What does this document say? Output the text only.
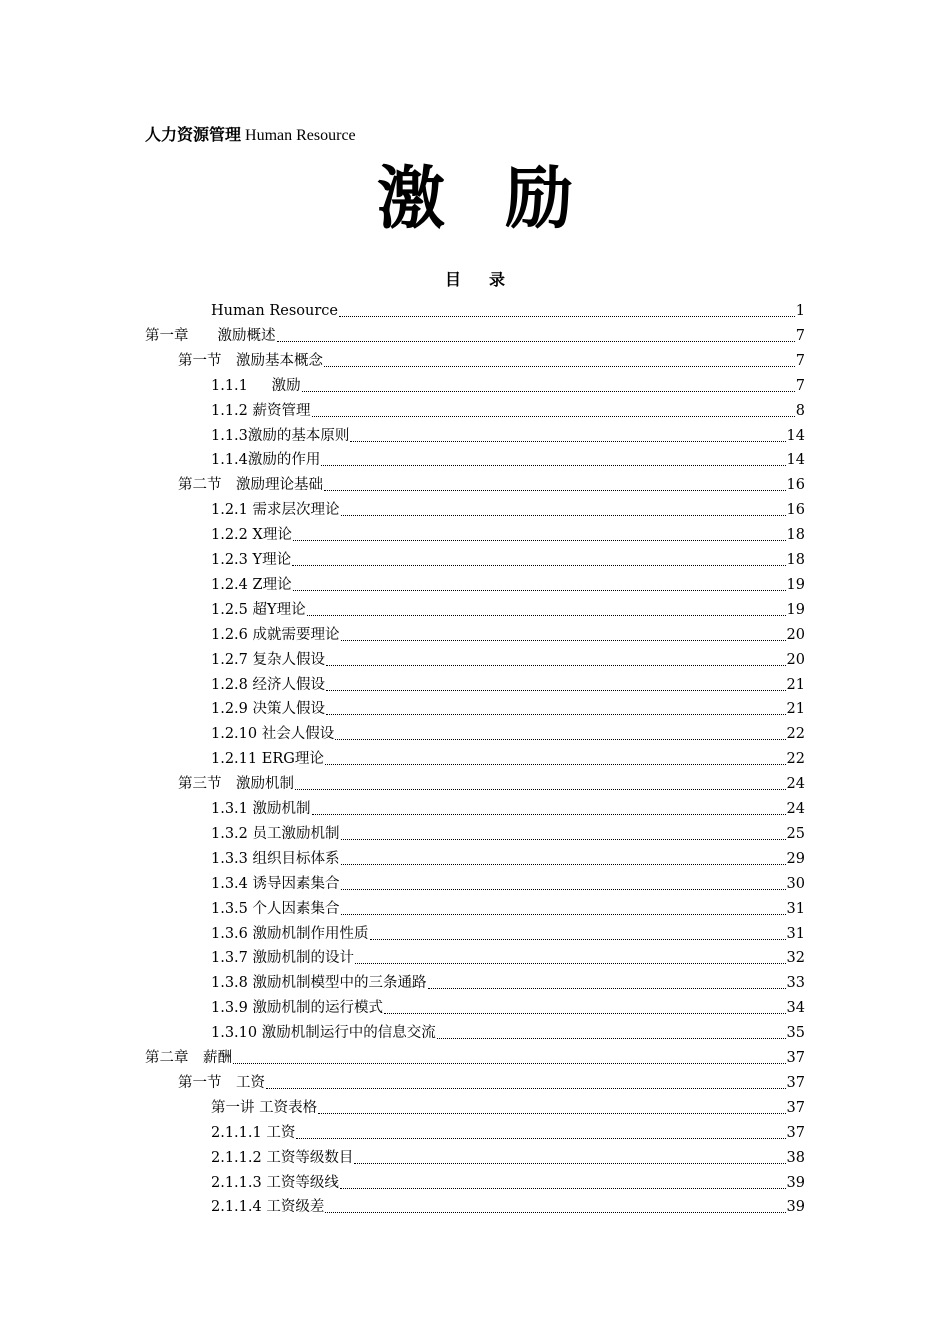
人力资源管理 Human Resource
激励
目录
Human Resource	1
第一章　　激励概述	7
第一节　激励基本概念	7
1.1.1 　 激励	7
1.1.2 薪资管理	8
1.1.3激励的基本原则	14
1.1.4激励的作用	14
第二节　激励理论基础	16
1.2.1 需求层次理论	16
1.2.2 X理论	18
1.2.3 Y理论	18
1.2.4 Z理论	19
1.2.5 超Y理论	19
1.2.6 成就需要理论	20
1.2.7 复杂人假设	20
1.2.8 经济人假设	21
1.2.9 决策人假设	21
1.2.10 社会人假设	22
1.2.11 ERG理论	22
第三节　激励机制	24
1.3.1 激励机制	24
1.3.2 员工激励机制	25
1.3.3 组织目标体系	29
1.3.4 诱导因素集合	30
1.3.5 个人因素集合	31
1.3.6 激励机制作用性质	31
1.3.7 激励机制的设计	32
1.3.8 激励机制模型中的三条通路	33
1.3.9 激励机制的运行模式	34
1.3.10 激励机制运行中的信息交流	35
第二章　薪酬	37
第一节　工资	37
第一讲 工资表格	37
2.1.1.1 工资	37
2.1.1.2 工资等级数目	38
2.1.1.3 工资等级线	39
2.1.1.4 工资级差	39
